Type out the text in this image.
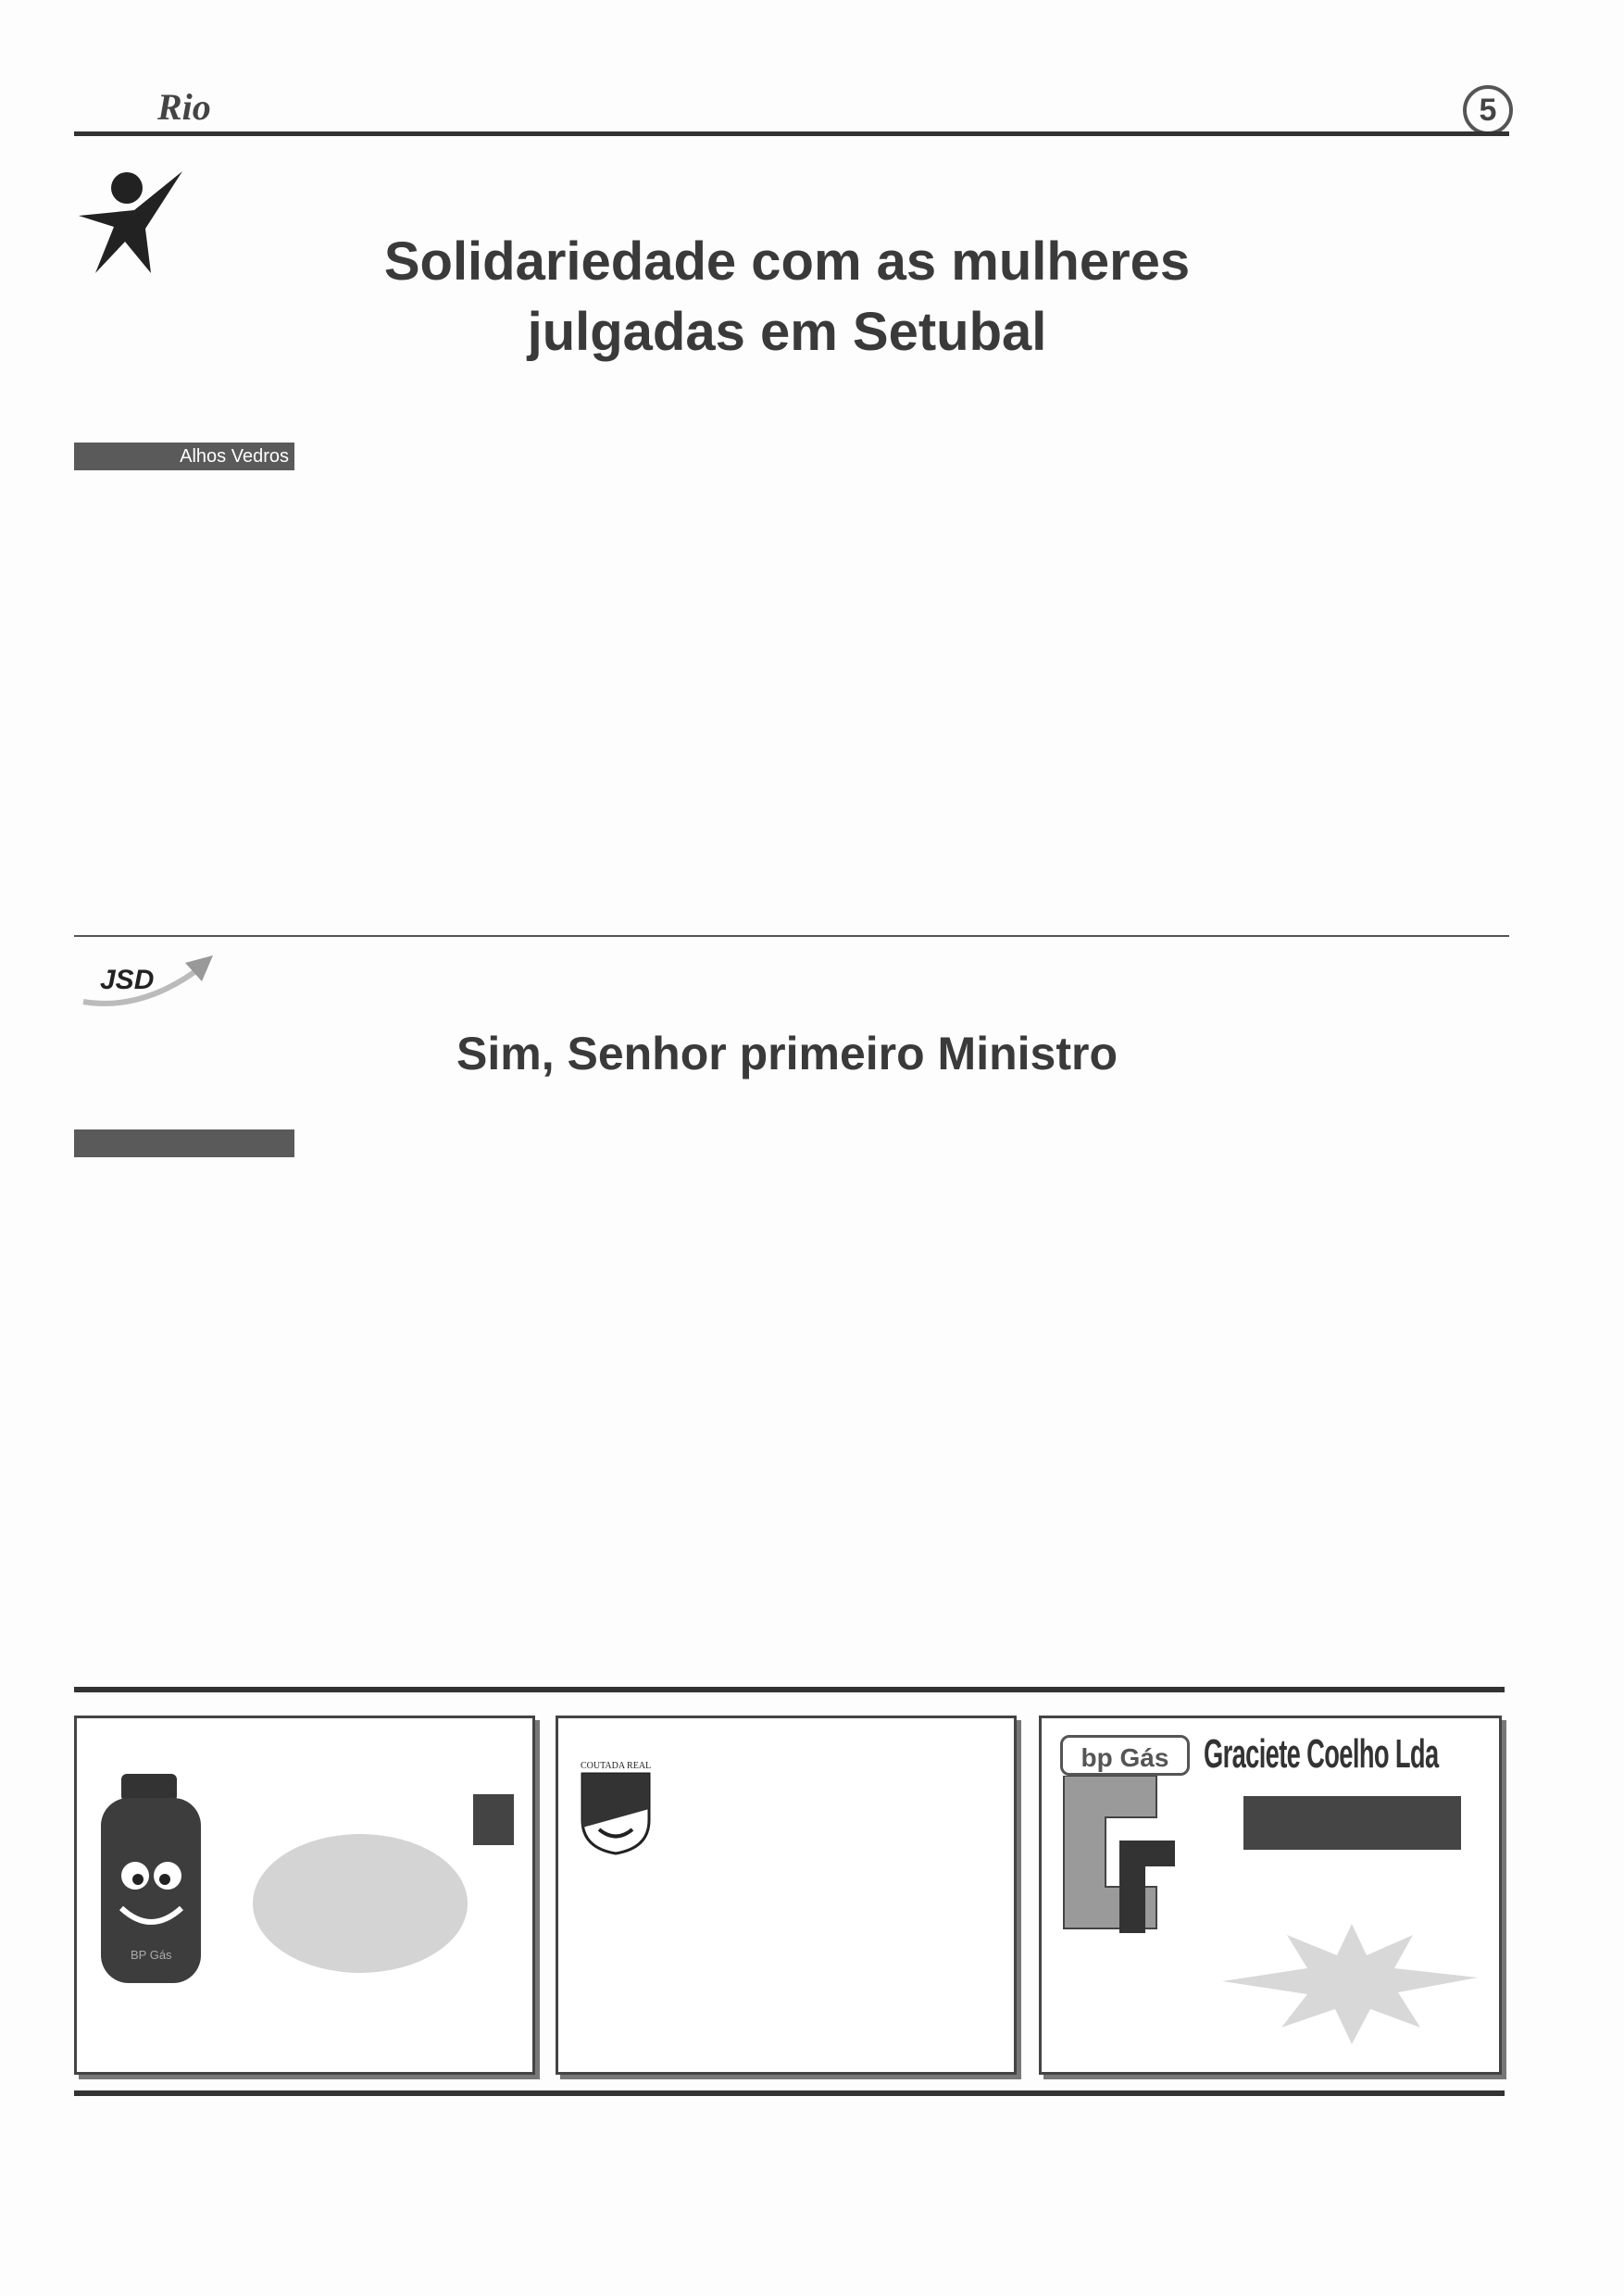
Rio	5
Solidariedade com as mulheres
julgadas em Setubal
Alhos Vedros
JSD
Sim, Senhor primeiro Ministro
BP Gás
COUTADA REAL	bp Gás Graciete Coelho Lda
